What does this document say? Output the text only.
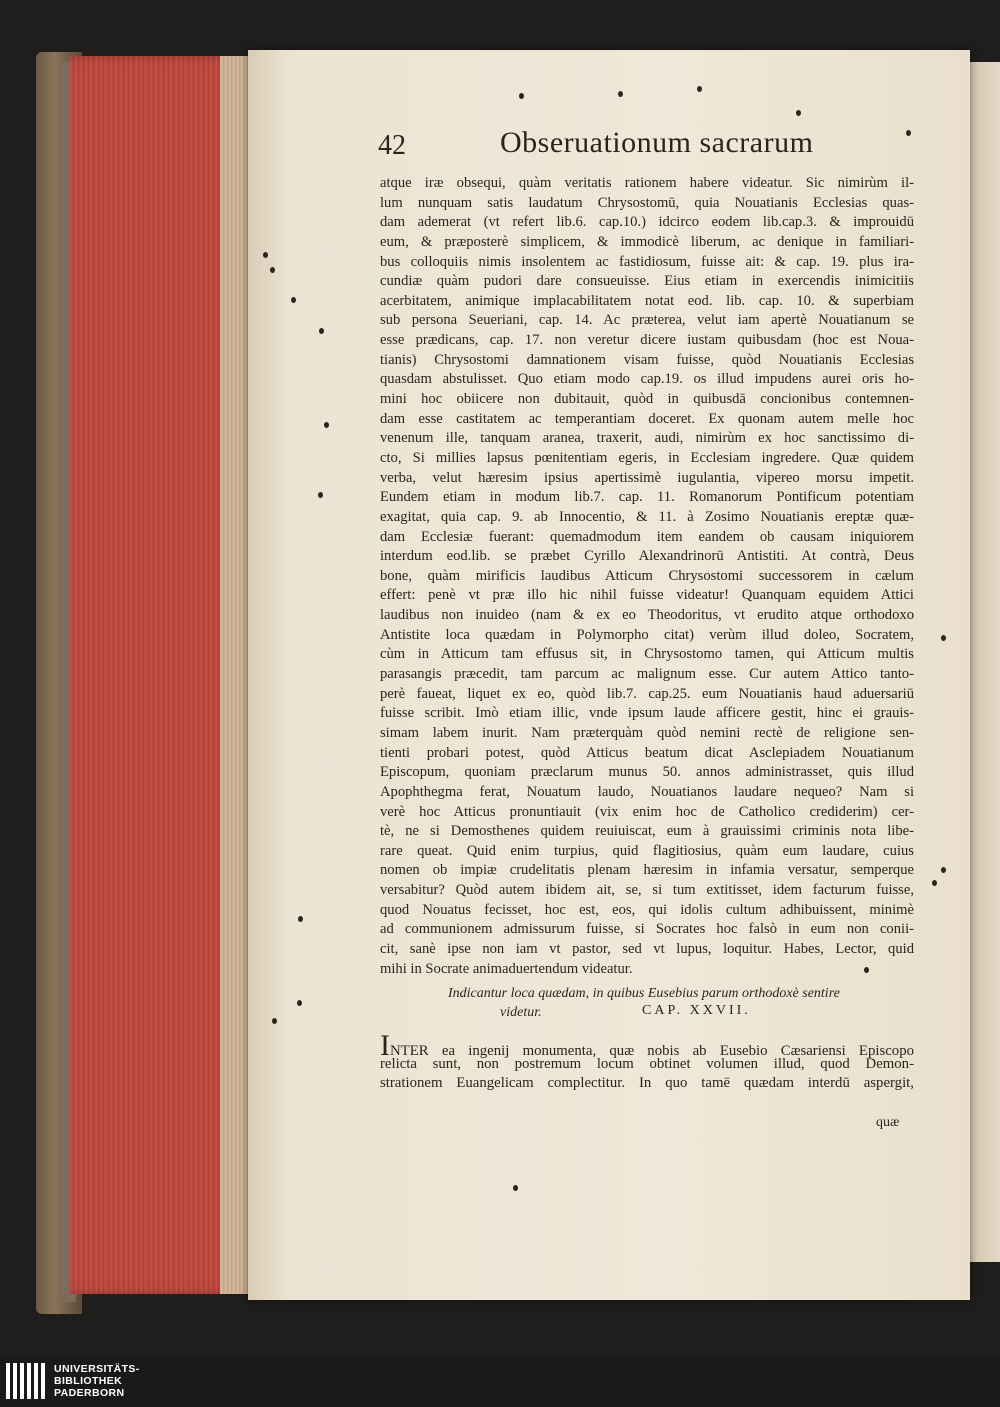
42	Obseruationum sacrarum
atque iræ obsequi, quàm veritatis rationem habere videatur. Sic nimirùm il-
lum nunquam satis laudatum Chrysostomū, quia Nouatianis Ecclesias quas-
dam ademerat (vt refert lib.6. cap.10.) idcirco eodem lib.cap.3. & improuidū
eum, & præposterè simplicem, & immodicè liberum, ac denique in familiari-
bus colloquiis nimis insolentem ac fastidiosum, fuisse ait: & cap. 19. plus ira-
cundiæ quàm pudori dare consueuisse. Eius etiam in exercendis inimicitiis
acerbitatem, animique implacabilitatem notat eod. lib. cap. 10. & superbiam
sub persona Seueriani, cap. 14. Ac præterea, velut iam apertè Nouatianum se
esse prædicans, cap. 17. non veretur dicere iustam quibusdam (hoc est Noua-
tianis) Chrysostomi damnationem visam fuisse, quòd Nouatianis Ecclesias
quasdam abstulisset. Quo etiam modo cap.19. os illud impudens aurei oris ho-
mini hoc obiicere non dubitauit, quòd in quibusdā concionibus contemnen-
dam esse castitatem ac temperantiam doceret. Ex quonam autem melle hoc
venenum ille, tanquam aranea, traxerit, audi, nimirùm ex hoc sanctissimo di-
cto, Si millies lapsus pœnitentiam egeris, in Ecclesiam ingredere. Quæ quidem
verba, velut hæresim ipsius apertissimè iugulantia, vipereo morsu impetit.
Eundem etiam in modum lib.7. cap. 11. Romanorum Pontificum potentiam
exagitat, quia cap. 9. ab Innocentio, & 11. à Zosimo Nouatianis ereptæ quæ-
dam Ecclesiæ fuerant: quemadmodum item eandem ob causam iniquiorem
interdum eod.lib. se præbet Cyrillo Alexandrinorū Antistiti. At contrà, Deus
bone, quàm mirificis laudibus Atticum Chrysostomi successorem in cælum
effert: penè vt præ illo hic nihil fuisse videatur! Quanquam equidem Attici
laudibus non inuideo (nam & ex eo Theodoritus, vt erudito atque orthodoxo
Antistite loca quædam in Polymorpho citat) verùm illud doleo, Socratem,
cùm in Atticum tam effusus sit, in Chrysostomo tamen, qui Atticum multis
parasangis præcedit, tam parcum ac malignum esse. Cur autem Attico tanto-
perè faueat, liquet ex eo, quòd lib.7. cap.25. eum Nouatianis haud aduersariū
fuisse scribit. Imò etiam illic, vnde ipsum laude afficere gestit, hinc ei grauis-
simam labem inurit. Nam præterquàm quòd nemini rectè de religione sen-
tienti probari potest, quòd Atticus beatum dicat Asclepiadem Nouatianum
Episcopum, quoniam præclarum munus 50. annos administrasset, quis illud
Apophthegma ferat, Nouatum laudo, Nouatianos laudare nequeo? Nam si
verè hoc Atticus pronuntiauit (vix enim hoc de Catholico crediderim) cer-
tè, ne si Demosthenes quidem reuiuiscat, eum à grauissimi criminis nota libe-
rare queat. Quid enim turpius, quid flagitiosius, quàm eum laudare, cuius
nomen ob impiæ crudelitatis plenam hæresim in infamia versatur, semperque
versabitur? Quòd autem ibidem ait, se, si tum extitisset, idem facturum fuisse,
quod Nouatus fecisset, hoc est, eos, qui idolis cultum adhibuissent, minimè
ad communionem admissurum fuisse, si Socrates hoc falsò in eum non conii-
cit, sanè ipse non iam vt pastor, sed vt lupus, loquitur. Habes, Lector, quid
mihi in Socrate animaduertendum videatur.
Indicantur loca quædam, in quibus Eusebius parum orthodoxè sentire
videtur.	CAP. XXVII.
INTER ea ingenij monumenta, quæ nobis ab Eusebio Cæsariensi Episcopo
relicta sunt, non postremum locum obtinet volumen illud, quod Demon-
strationem Euangelicam complectitur. In quo tamē quædam interdū aspergit,
quæ
UNIVERSITÄTS-
BIBLIOTHEK
PADERBORN
